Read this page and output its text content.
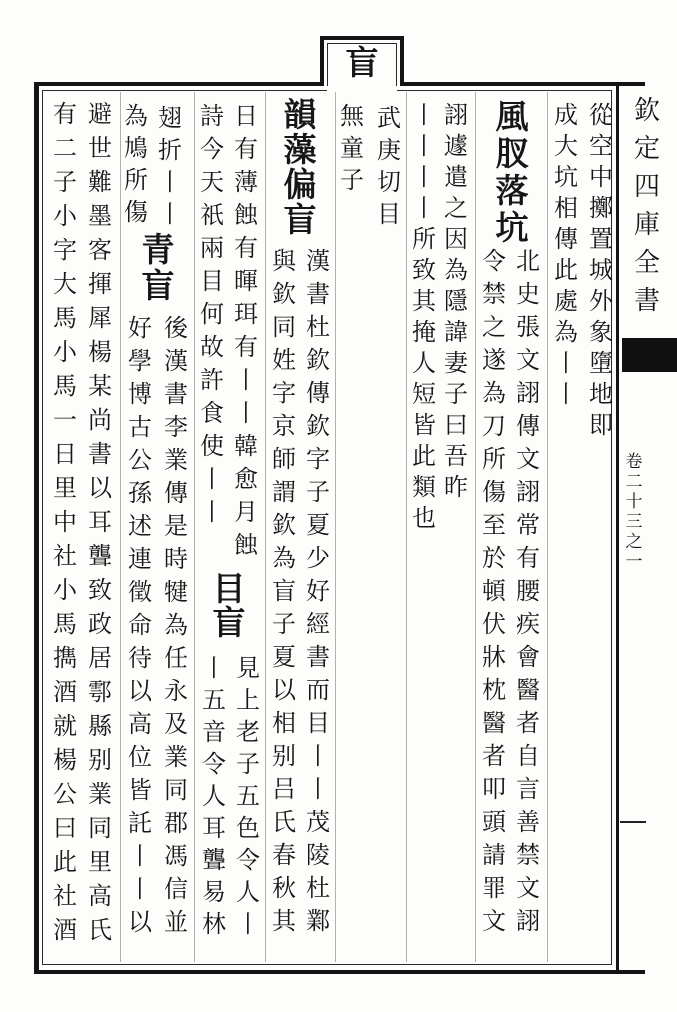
盲
欽
定
四
庫
全
書
卷
二
十
三
之
一
從
空
中
擲
置
城
外
象
墮
地
即
成
大
坑
相
傳
此
處
為
丨
丨
風
肞
落
坑
北
史
張
文
詡
傳
文
詡
常
有
腰
疾
會
醫
者
自
言
善
禁
文
詡
令
禁
之
遂
為
刀
所
傷
至
於
頓
伏
牀
枕
醫
者
叩
頭
請
罪
文
詡
遽
遣
之
因
為
隱
諱
妻
子
曰
吾
昨
丨
丨
丨
丨
所
致
其
掩
人
短
皆
此
類
也
武
庚
切
目
無
童
子
韻
藻
偏
盲
漢
書
杜
欽
傳
欽
字
子
夏
少
好
經
書
而
目
丨
丨
茂
陵
杜
鄴
與
欽
同
姓
字
京
師
謂
欽
為
盲
子
夏
以
相
别
吕
氏
春
秋
其
日
有
薄
蝕
有
暉
珥
有
丨
丨
韓
愈
月
蝕
詩
今
天
祇
兩
目
何
故
許
食
使
丨
丨
目
盲
見
上
老
子
五
色
令
人
丨
丨
五
音
令
人
耳
聾
易
林
翅
折
丨
丨
為
鳩
所
傷
青
盲
後
漢
書
李
業
傳
是
時
犍
為
任
永
及
業
同
郡
馮
信
並
好
學
博
古
公
孫
述
連
徵
命
待
以
高
位
皆
託
丨
丨
以
避
世
難
墨
客
揮
犀
楊
某
尚
書
以
耳
聾
致
政
居
鄠
縣
别
業
同
里
高
氏
有
二
子
小
字
大
馬
小
馬
一
日
里
中
社
小
馬
擕
酒
就
楊
公
曰
此
社
酒
